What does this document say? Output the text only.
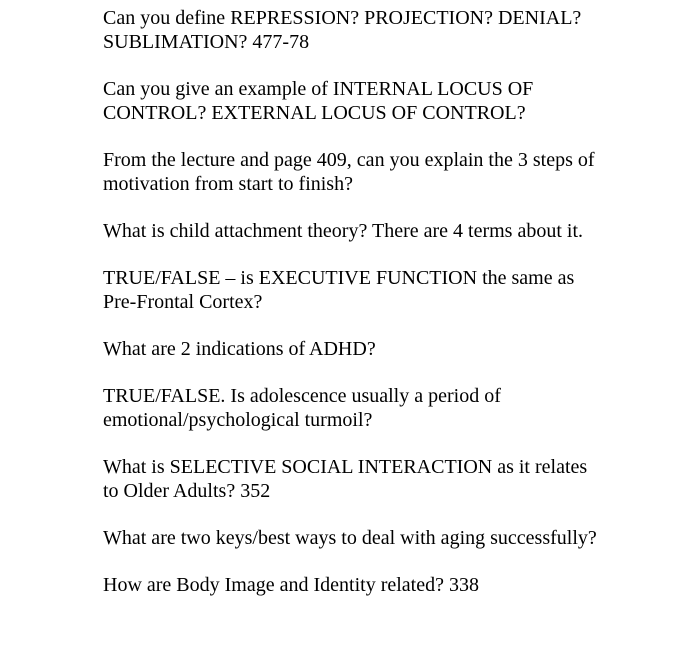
Can you define REPRESSION? PROJECTION? DENIAL?
SUBLIMATION? 477-78

Can you give an example of INTERNAL LOCUS OF
CONTROL? EXTERNAL LOCUS OF CONTROL?

From the lecture and page 409, can you explain the 3 steps of
motivation from start to finish?

What is child attachment theory? There are 4 terms about it.

TRUE/FALSE – is EXECUTIVE FUNCTION the same as
Pre-Frontal Cortex?

What are 2 indications of ADHD?

TRUE/FALSE. Is adolescence usually a period of
emotional/psychological turmoil?

What is SELECTIVE SOCIAL INTERACTION as it relates
to Older Adults? 352

What are two keys/best ways to deal with aging successfully?

How are Body Image and Identity related? 338
